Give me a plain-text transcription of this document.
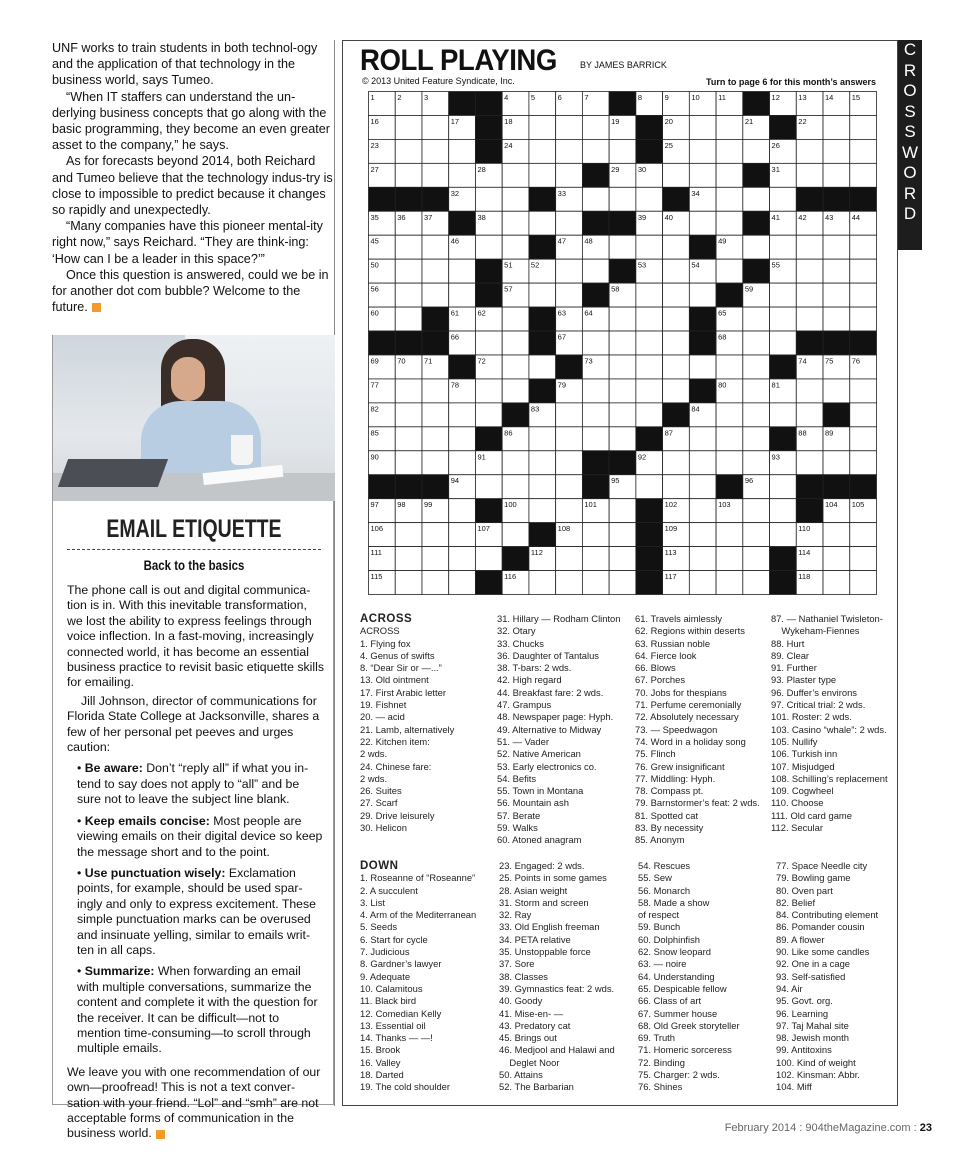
UNF works to train students in both technol-ogy and the application of that technology in the business world, says Tumeo.

“When IT staffers can understand the un-derlying business concepts that go along with the basic programming, they become an even greater asset to the company,” he says.

As for forecasts beyond 2014, both Reichard and Tumeo believe that the technology indus-try is close to impossible to predict because it changes so rapidly and unexpectedly.

“Many companies have this pioneer mental-ity right now,” says Reichard. “They are think-ing: ‘How can I be a leader in this space?’”

Once this question is answered, could we be in for another dot com bubble? Welcome to the future.

EMAIL ETIQUETTE
Back to the basics

The phone call is out and digital communica-tion is in. With this inevitable transformation, we lost the ability to express feelings through voice inflection. In a fast-moving, increasingly connected world, it has become an essential business practice to revisit basic etiquette skills for emailing.

Jill Johnson, director of communications for Florida State College at Jacksonville, shares a few of her personal pet peeves and urges caution:

• Be aware: Don’t “reply all” if what you in-tend to say does not apply to “all” and be sure not to leave the subject line blank.
• Keep emails concise: Most people are viewing emails on their digital device so keep the message short and to the point.
• Use punctuation wisely: Exclamation points, for example, should be used spar-ingly and only to express excitement. These simple punctuation marks can be overused and insinuate yelling, similar to emails writ-ten in all caps.
• Summarize: When forwarding an email with multiple conversations, summarize the content and complete it with the question for the receiver. It can be difficult—not to mention time-consuming—to scroll through multiple emails.

We leave you with one recommendation of our own—proofread! This is not a text conver-sation with your friend. “Lol” and “smh” are not acceptable forms of communication in the business world.

ROLL PLAYING	BY JAMES BARRICK
© 2013 United Feature Syndicate, Inc.	Turn to page 6 for this month’s answers
C
R
O
S
S
W
O
R
D
1	2	3	4	5	6	7	8	9	10 11	12 13 14 15
16	17	18	19	20	21	22
23	24	25	26
27	28	29 30	31
32	33	34
35 36 37	38	39 40	41 42 43 44
45	46	47 48	49
50	51 52	53	54	55
56	57	58	59
60	61 62	63 64	65
66	67	68
69 70 71	72	73	74 75 76
77	78	79	80	81
82	83	84
85	86	87	88 89
90	91	92	93
94	95	96
97 98 99	100	101	102	103	104 105
106	107	108	109	110
111	112	113	114
115	116	117	118
ACROSS
ACROSS
1. Flying fox
4. Genus of swifts
8. “Dear Sir or —...”
13. Old ointment
17. First Arabic letter
19. Fishnet
20. — acid
21. Lamb, alternatively
22. Kitchen item:
2 wds.
24. Chinese fare:
2 wds.
26. Suites
27. Scarf
29. Drive leisurely
30. Helicon
31. Hillary — Rodham Clinton
32. Otary
33. Chucks
36. Daughter of Tantalus
38. T-bars: 2 wds.
42. High regard
44. Breakfast fare: 2 wds.
47. Grampus
48. Newspaper page: Hyph.
49. Alternative to Midway
51. — Vader
52. Native American
53. Early electronics co.
54. Befits
55. Town in Montana
56. Mountain ash
57. Berate
59. Walks
60. Atoned anagram
61. Travels aimlessly
62. Regions within deserts
63. Russian noble
64. Fierce look
66. Blows
67. Porches
70. Jobs for thespians
71. Perfume ceremonially
72. Absolutely necessary
73. — Speedwagon
74. Word in a holiday song
75. Flinch
76. Grew insignificant
77. Middling: Hyph.
78. Compass pt.
79. Barnstormer’s feat: 2 wds.
81. Spotted cat
83. By necessity
85. Anonym
87. — Nathaniel Twisleton-
Wykeham-Fiennes
88. Hurt
89. Clear
91. Further
93. Plaster type
96. Duffer’s environs
97. Critical trial: 2 wds.
101. Roster: 2 wds.
103. Casino “whale”: 2 wds.
105. Nullify
106. Turkish inn
107. Misjudged
108. Schilling’s replacement
109. Cogwheel
110. Choose
111. Old card game
112. Secular
DOWN
1. Roseanne of “Roseanne”
2. A succulent
3. List
4. Arm of the Mediterranean
5. Seeds
6. Start for cycle
7. Judicious
8. Gardner’s lawyer
9. Adequate
10. Calamitous
11. Black bird
12. Comedian Kelly
13. Essential oil
14. Thanks — —!
15. Brook
16. Valley
18. Darted
19. The cold shoulder
23. Engaged: 2 wds.
25. Points in some games
28. Asian weight
31. Storm and screen
32. Ray
33. Old English freeman
34. PETA relative
35. Unstoppable force
37. Sore
38. Classes
39. Gymnastics feat: 2 wds.
40. Goody
41. Mise-en- —
43. Predatory cat
45. Brings out
46. Medjool and Halawi and
Deglet Noor
50. Attains
52. The Barbarian
54. Rescues
55. Sew
56. Monarch
58. Made a show
of respect
59. Bunch
60. Dolphinfish
62. Snow leopard
63. — noire
64. Understanding
65. Despicable fellow
66. Class of art
67. Summer house
68. Old Greek storyteller
69. Truth
71. Homeric sorceress
72. Binding
75. Charger: 2 wds.
76. Shines
77. Space Needle city
79. Bowling game
80. Oven part
82. Belief
84. Contributing element
86. Pomander cousin
89. A flower
90. Like some candles
92. One in a cage
93. Self-satisfied
94. Air
95. Govt. org.
96. Learning
97. Taj Mahal site
98. Jewish month
99. Antitoxins
100. Kind of weight
102. Kinsman: Abbr.
104. Miff
February 2014 : 904theMagazine.com : 23
